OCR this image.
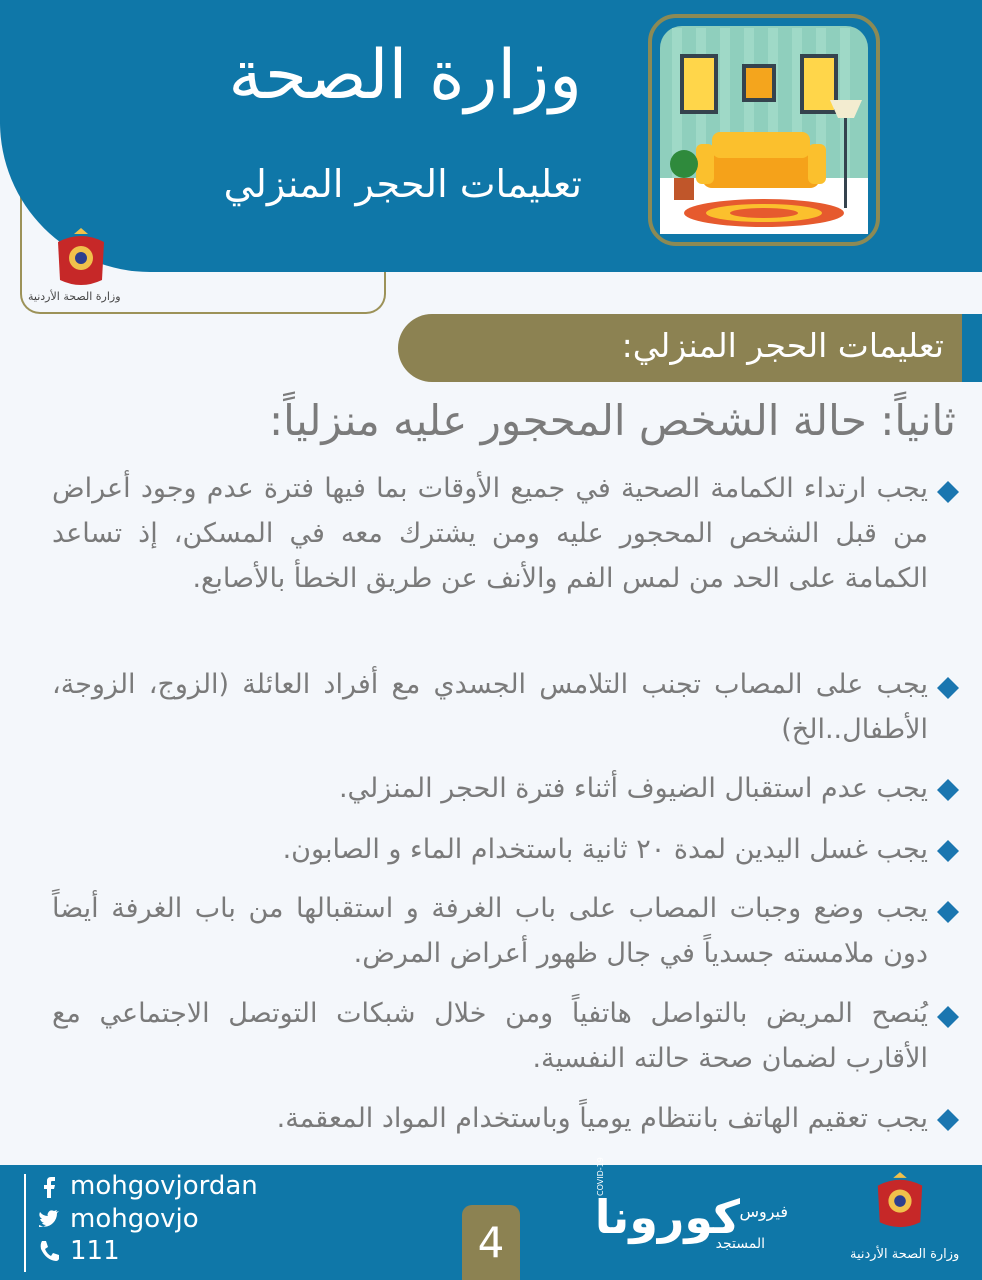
وزارة الصحة
تعليمات الحجر المنزلي
وزارة الصحة الأردنية
تعليمات الحجر المنزلي:
ثانياً: حالة الشخص المحجور عليه منزلياً:
يجب ارتداء الكمامة الصحية في جميع الأوقات بما فيها فترة عدم وجود أعراض من قبل الشخص المحجور عليه ومن يشترك معه في المسكن، إذ تساعد الكمامة على الحد من لمس الفم والأنف عن طريق الخطأ بالأصابع.
يجب على المصاب تجنب التلامس الجسدي مع أفراد العائلة (الزوج، الزوجة، الأطفال..الخ)
يجب عدم استقبال الضيوف أثناء فترة الحجر المنزلي.
يجب غسل اليدين لمدة ٢٠ ثانية باستخدام الماء و الصابون.
يجب وضع وجبات المصاب على باب الغرفة و استقبالها من باب الغرفة أيضاً دون ملامسته جسدياً في جال ظهور أعراض المرض.
يُنصح المريض بالتواصل هاتفياً ومن خلال شبكات التوتصل الاجتماعي مع الأقارب لضمان صحة حالته النفسية.
يجب تعقيم الهاتف بانتظام يومياً وباستخدام المواد المعقمة.
mohgovjordan
mohgovjo
111	4
COVID-19
كورونا فيروس
المستجد
وزارة الصحة الأردنية
